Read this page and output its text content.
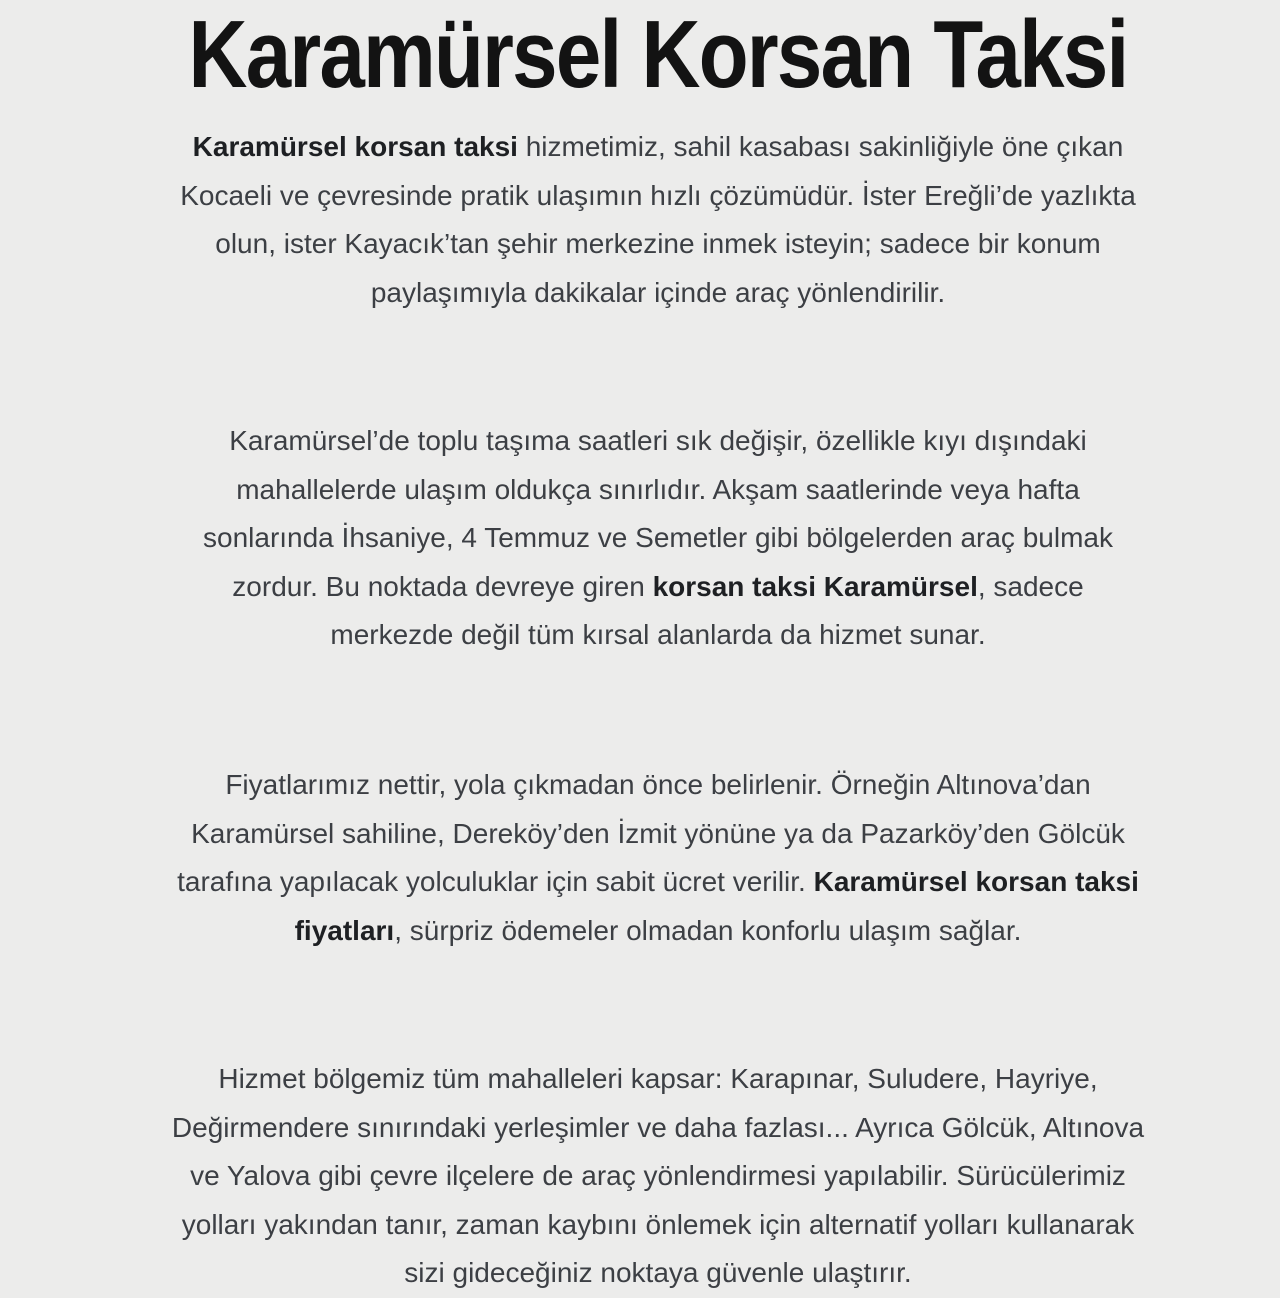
Karamürsel Korsan Taksi

Karamürsel korsan taksi hizmetimiz, sahil kasabası sakinliğiyle öne çıkan Kocaeli ve çevresinde pratik ulaşımın hızlı çözümüdür. İster Ereğli’de yazlıkta olun, ister Kayacık’tan şehir merkezine inmek isteyin; sadece bir konum paylaşımıyla dakikalar içinde araç yönlendirilir.

Karamürsel’de toplu taşıma saatleri sık değişir, özellikle kıyı dışındaki mahallelerde ulaşım oldukça sınırlıdır. Akşam saatlerinde veya hafta sonlarında İhsaniye, 4 Temmuz ve Semetler gibi bölgelerden araç bulmak zordur. Bu noktada devreye giren korsan taksi Karamürsel, sadece merkezde değil tüm kırsal alanlarda da hizmet sunar.

Fiyatlarımız nettir, yola çıkmadan önce belirlenir. Örneğin Altınova’dan Karamürsel sahiline, Dereköy’den İzmit yönüne ya da Pazarköy’den Gölcük tarafına yapılacak yolculuklar için sabit ücret verilir. Karamürsel korsan taksi fiyatları, sürpriz ödemeler olmadan konforlu ulaşım sağlar.

Hizmet bölgemiz tüm mahalleleri kapsar: Karapınar, Suludere, Hayriye, Değirmendere sınırındaki yerleşimler ve daha fazlası... Ayrıca Gölcük, Altınova ve Yalova gibi çevre ilçelere de araç yönlendirmesi yapılabilir. Sürücülerimiz yolları yakından tanır, zaman kaybını önlemek için alternatif yolları kullanarak sizi gideceğiniz noktaya güvenle ulaştırır.
